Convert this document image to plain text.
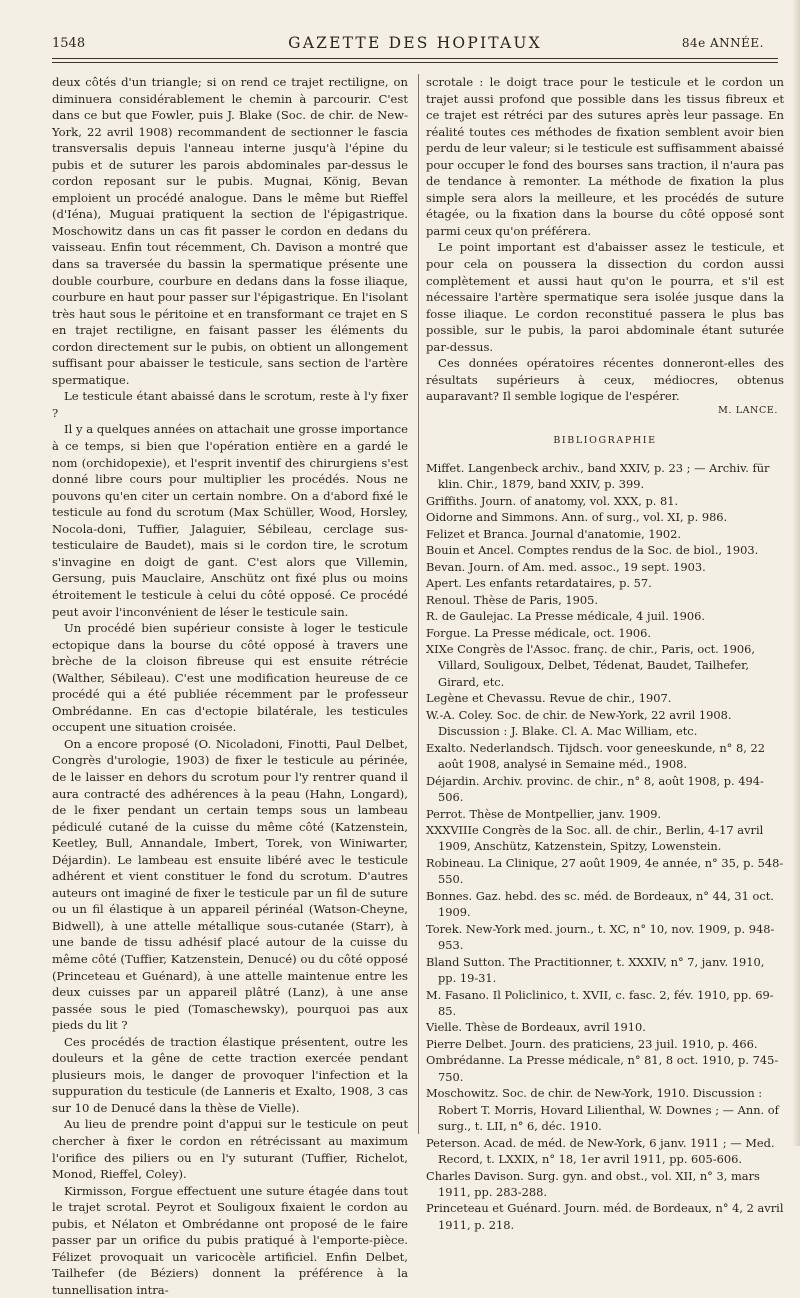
1548	GAZETTE DES HOPITAUX	84e ANNÉE.

deux côtés d'un triangle; si on rend ce trajet rectiligne, on diminuera considérablement le chemin à parcourir. C'est dans ce but que Fowler, puis J. Blake (Soc. de chir. de New-York, 22 avril 1908) recommandent de sectionner le fascia transversalis depuis l'anneau interne jusqu'à l'épine du pubis et de suturer les parois abdominales par-dessus le cordon reposant sur le pubis. Mugnai, König, Bevan emploient un procédé analogue. Dans le même but Rieffel (d'Iéna), Muguai pratiquent la section de l'épigastrique. Moschowitz dans un cas fit passer le cordon en dedans du vaisseau. Enfin tout récemment, Ch. Davison a montré que dans sa traversée du bassin la spermatique présente une double courbure, courbure en dedans dans la fosse iliaque, courbure en haut pour passer sur l'épigastrique. En l'isolant très haut sous le péritoine et en transformant ce trajet en S en trajet rectiligne, en faisant passer les éléments du cordon directement sur le pubis, on obtient un allongement suffisant pour abaisser le testicule, sans section de l'artère spermatique.

Le testicule étant abaissé dans le scrotum, reste à l'y fixer ?

Il y a quelques années on attachait une grosse importance à ce temps, si bien que l'opération entière en a gardé le nom (orchidopexie), et l'esprit inventif des chirurgiens s'est donné libre cours pour multiplier les procédés. Nous ne pouvons qu'en citer un certain nombre. On a d'abord fixé le testicule au fond du scrotum (Max Schüller, Wood, Horsley, Nocola-doni, Tuffier, Jalaguier, Sébileau, cerclage sus-testiculaire de Baudet), mais si le cordon tire, le scrotum s'invagine en doigt de gant. C'est alors que Villemin, Gersung, puis Mauclaire, Anschütz ont fixé plus ou moins étroitement le testicule à celui du côté opposé. Ce procédé peut avoir l'inconvénient de léser le testicule sain.

Un procédé bien supérieur consiste à loger le testicule ectopique dans la bourse du côté opposé à travers une brèche de la cloison fibreuse qui est ensuite rétrécie (Walther, Sébileau). C'est une modification heureuse de ce procédé qui a été publiée récemment par le professeur Ombrédanne. En cas d'ectopie bilatérale, les testicules occupent une situation croisée.

On a encore proposé (O. Nicoladoni, Finotti, Paul Delbet, Congrès d'urologie, 1903) de fixer le testicule au périnée, de le laisser en dehors du scrotum pour l'y rentrer quand il aura contracté des adhérences à la peau (Hahn, Longard), de le fixer pendant un certain temps sous un lambeau pédiculé cutané de la cuisse du même côté (Katzenstein, Keetley, Bull, Annandale, Imbert, Torek, von Winiwarter, Déjardin). Le lambeau est ensuite libéré avec le testicule adhérent et vient constituer le fond du scrotum. D'autres auteurs ont imaginé de fixer le testicule par un fil de suture ou un fil élastique à un appareil périnéal (Watson-Cheyne, Bidwell), à une attelle métallique sous-cutanée (Starr), à une bande de tissu adhésif placé autour de la cuisse du même côté (Tuffier, Katzenstein, Denucé) ou du côté opposé (Princeteau et Guénard), à une attelle maintenue entre les deux cuisses par un appareil plâtré (Lanz), à une anse passée sous le pied (Tomaschewsky), pourquoi pas aux pieds du lit ?

Ces procédés de traction élastique présentent, outre les douleurs et la gêne de cette traction exercée pendant plusieurs mois, le danger de provoquer l'infection et la suppuration du testicule (de Lanneris et Exalto, 1908, 3 cas sur 10 de Denucé dans la thèse de Vielle).

Au lieu de prendre point d'appui sur le testicule on peut chercher à fixer le cordon en rétrécissant au maximum l'orifice des piliers ou en l'y suturant (Tuffier, Richelot, Monod, Rieffel, Coley).

Kirmisson, Forgue effectuent une suture étagée dans tout le trajet scrotal. Peyrot et Souligoux fixaient le cordon au pubis, et Nélaton et Ombrédanne ont proposé de le faire passer par un orifice du pubis pratiqué à l'emporte-pièce. Félizet provoquait un varicocèle artificiel. Enfin Delbet, Tailhefer (de Béziers) donnent la préférence à la tunnellisation intra-

scrotale : le doigt trace pour le testicule et le cordon un trajet aussi profond que possible dans les tissus fibreux et ce trajet est rétréci par des sutures après leur passage. En réalité toutes ces méthodes de fixation semblent avoir bien perdu de leur valeur; si le testicule est suffisamment abaissé pour occuper le fond des bourses sans traction, il n'aura pas de tendance à remonter. La méthode de fixation la plus simple sera alors la meilleure, et les procédés de suture étagée, ou la fixation dans la bourse du côté opposé sont parmi ceux qu'on préférera.

Le point important est d'abaisser assez le testicule, et pour cela on poussera la dissection du cordon aussi complètement et aussi haut qu'on le pourra, et s'il est nécessaire l'artère spermatique sera isolée jusque dans la fosse iliaque. Le cordon reconstitué passera le plus bas possible, sur le pubis, la paroi abdominale étant suturée par-dessus.

Ces données opératoires récentes donneront-elles des résultats supérieurs à ceux, médiocres, obtenus auparavant? Il semble logique de l'espérer.

M. LANCE.
BIBLIOGRAPHIE
Miffet. Langenbeck archiv., band XXIV, p. 23 ; — Archiv. für klin. Chir., 1879, band XXIV, p. 399.
Griffiths. Journ. of anatomy, vol. XXX, p. 81.
Oidorne and Simmons. Ann. of surg., vol. XI, p. 986.
Felizet et Branca. Journal d'anatomie, 1902.
Bouin et Ancel. Comptes rendus de la Soc. de biol., 1903.
Bevan. Journ. of Am. med. assoc., 19 sept. 1903.
Apert. Les enfants retardataires, p. 57.
Renoul. Thèse de Paris, 1905.
R. de Gaulejac. La Presse médicale, 4 juil. 1906.
Forgue. La Presse médicale, oct. 1906.
XIXe Congrès de l'Assoc. franç. de chir., Paris, oct. 1906, Villard, Souligoux, Delbet, Tédenat, Baudet, Tailhefer, Girard, etc.
Legène et Chevassu. Revue de chir., 1907.
W.-A. Coley. Soc. de chir. de New-York, 22 avril 1908. Discussion : J. Blake. Cl. A. Mac William, etc.
Exalto. Nederlandsch. Tijdsch. voor geneeskunde, n° 8, 22 août 1908, analysé in Semaine méd., 1908.
Déjardin. Archiv. provinc. de chir., n° 8, août 1908, p. 494-506.
Perrot. Thèse de Montpellier, janv. 1909.
XXXVIIIe Congrès de la Soc. all. de chir., Berlin, 4-17 avril 1909, Anschütz, Katzenstein, Spitzy, Lowenstein.
Robineau. La Clinique, 27 août 1909, 4e année, n° 35, p. 548-550.
Bonnes. Gaz. hebd. des sc. méd. de Bordeaux, n° 44, 31 oct. 1909.
Torek. New-York med. journ., t. XC, n° 10, nov. 1909, p. 948-953.
Bland Sutton. The Practitionner, t. XXXIV, n° 7, janv. 1910, pp. 19-31.
M. Fasano. Il Policlinico, t. XVII, c. fasc. 2, fév. 1910, pp. 69-85.
Vielle. Thèse de Bordeaux, avril 1910.
Pierre Delbet. Journ. des praticiens, 23 juil. 1910, p. 466.
Ombrédanne. La Presse médicale, n° 81, 8 oct. 1910, p. 745-750.
Moschowitz. Soc. de chir. de New-York, 1910. Discussion : Robert T. Morris, Hovard Lilienthal, W. Downes ; — Ann. of surg., t. LII, n° 6, déc. 1910.
Peterson. Acad. de méd. de New-York, 6 janv. 1911 ; — Med. Record, t. LXXIX, n° 18, 1er avril 1911, pp. 605-606.
Charles Davison. Surg. gyn. and obst., vol. XII, n° 3, mars 1911, pp. 283-288.
Princeteau et Guénard. Journ. méd. de Bordeaux, n° 4, 2 avril 1911, p. 218.
